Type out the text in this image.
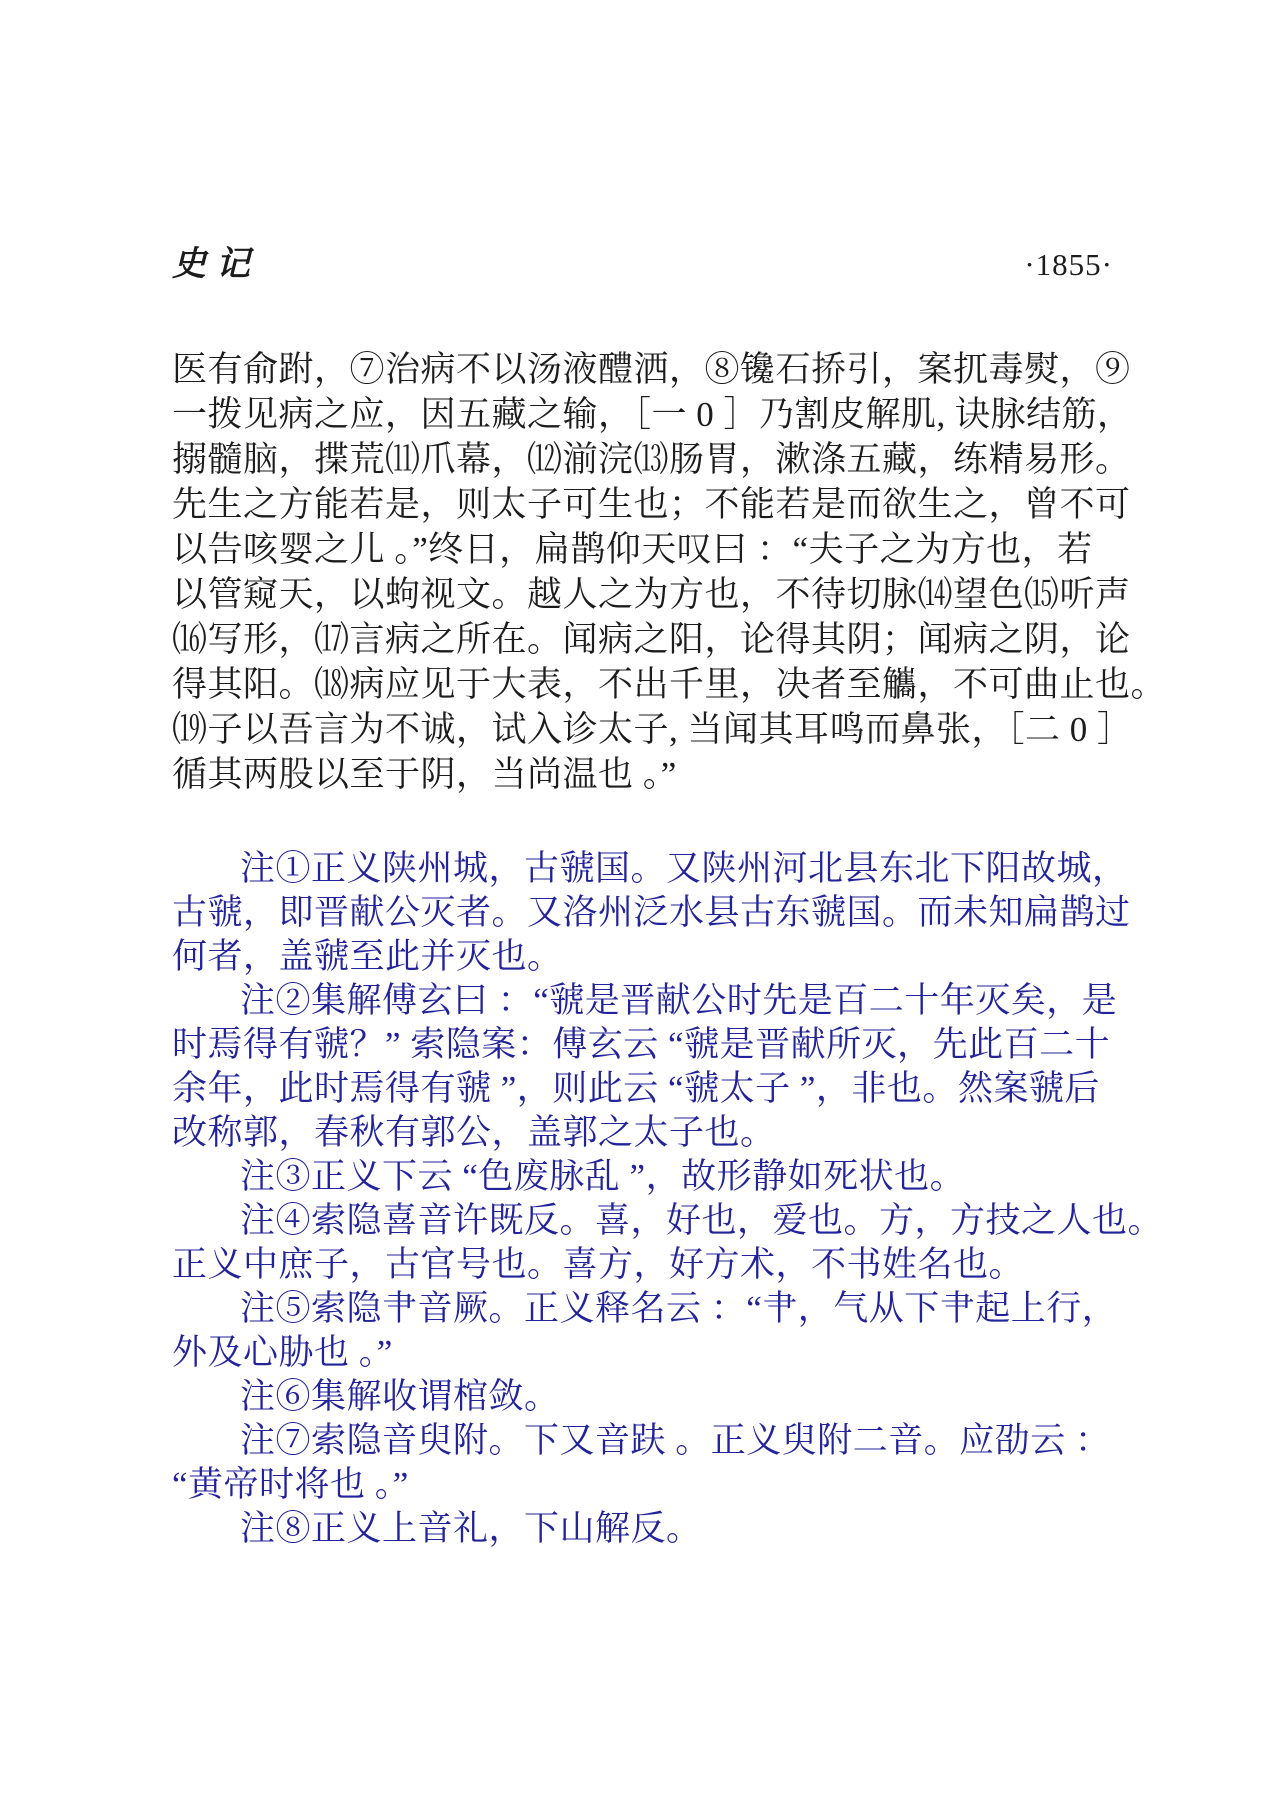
史记	·1855·
医有俞跗，⑦治病不以汤液醴洒，⑧镵石挢引，案扤毒熨，⑨
一拨见病之应，因五藏之输，［一 0 ］乃割皮解肌, 诀脉结筋，
搦髓脑，揲荒⑾爪幕，⑿湔浣⒀肠胃，漱涤五藏，练精易形。
先生之方能若是，则太子可生也；不能若是而欲生之，曾不可
以告咳婴之儿 。”终日，扁鹊仰天叹曰 ：“夫子之为方也，若
以管窥天，以蚼视文。越人之为方也，不待切脉⒁望色⒂听声
⒃写形，⒄言病之所在。闻病之阳，论得其阴；闻病之阴，论
得其阳。⒅病应见于大表，不出千里，决者至觿，不可曲止也。
⒆子以吾言为不诚，试入诊太子, 当闻其耳鸣而鼻张，［二 0 ］
循其两股以至于阴，当尚温也 。”
注①正义陕州城，古虢国。又陕州河北县东北下阳故城，
古虢，即晋献公灭者。又洛州泛水县古东虢国。而未知扁鹊过
何者，盖虢至此并灭也。
注②集解傅玄曰 ：“虢是晋献公时先是百二十年灭矣，是
时焉得有虢？” 索隐案：傅玄云 “虢是晋献所灭，先此百二十
余年，此时焉得有虢 ”，则此云 “虢太子 ”，非也。然案虢后
改称郭，春秋有郭公，盖郭之太子也。
注③正义下云 “色废脉乱 ”，故形静如死状也。
注④索隐喜音许既反。喜，好也，爱也。方，方技之人也。
正义中庶子，古官号也。喜方，好方术，不书姓名也。
注⑤索隐肀音厥。正义释名云 ：“肀，气从下肀起上行，
外及心胁也 。”
注⑥集解收谓棺敛。
注⑦索隐音臾附。下又音趺 。正义臾附二音。应劭云 ：
“黄帝时将也 。”
注⑧正义上音礼，下山解反。
